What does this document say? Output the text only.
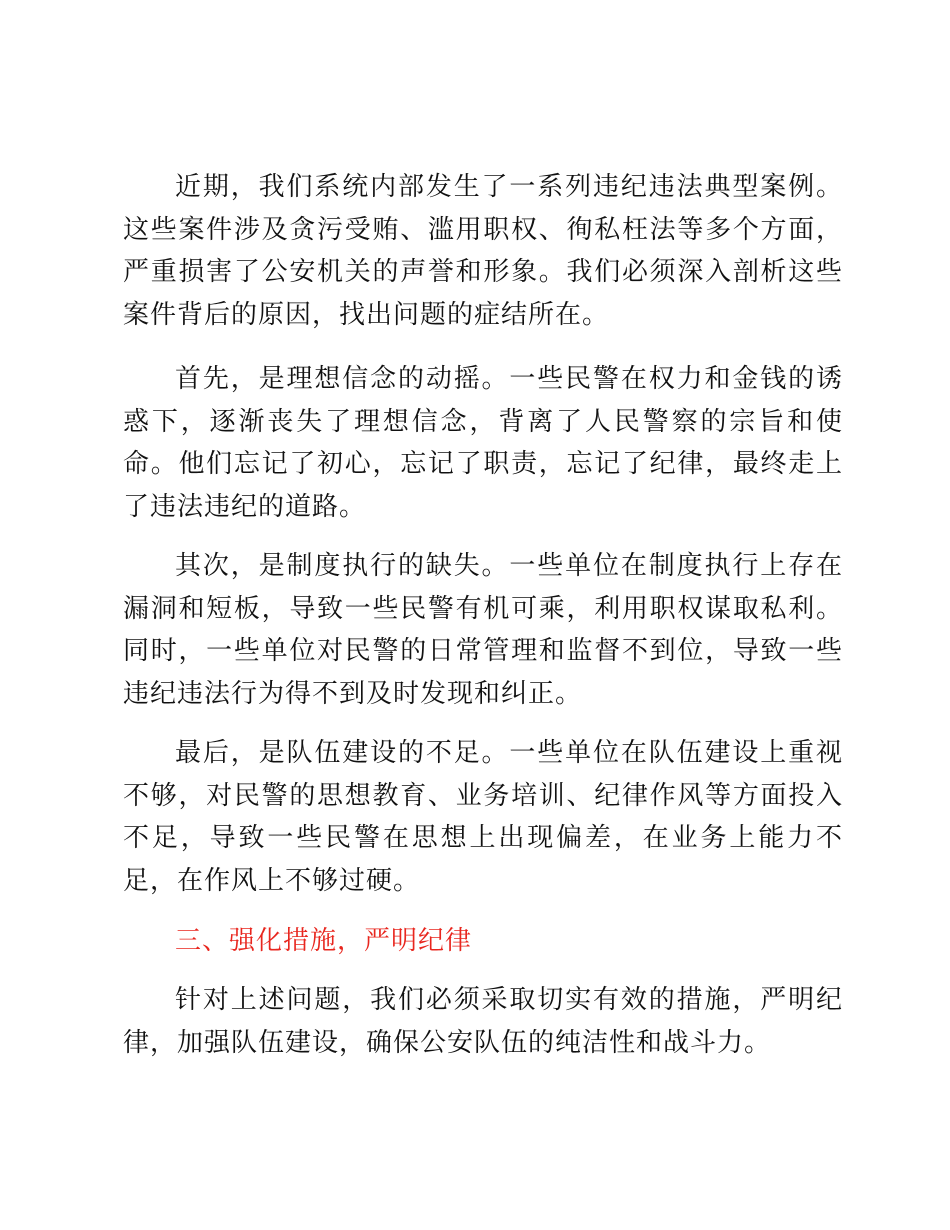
近期，我们系统内部发生了一系列违纪违法典型案例。这些案件涉及贪污受贿、滥用职权、徇私枉法等多个方面，严重损害了公安机关的声誉和形象。我们必须深入剖析这些案件背后的原因，找出问题的症结所在。

首先，是理想信念的动摇。一些民警在权力和金钱的诱惑下，逐渐丧失了理想信念，背离了人民警察的宗旨和使命。他们忘记了初心，忘记了职责，忘记了纪律，最终走上了违法违纪的道路。

其次，是制度执行的缺失。一些单位在制度执行上存在漏洞和短板，导致一些民警有机可乘，利用职权谋取私利。同时，一些单位对民警的日常管理和监督不到位，导致一些违纪违法行为得不到及时发现和纠正。

最后，是队伍建设的不足。一些单位在队伍建设上重视不够，对民警的思想教育、业务培训、纪律作风等方面投入不足，导致一些民警在思想上出现偏差，在业务上能力不足，在作风上不够过硬。

三、强化措施，严明纪律

针对上述问题，我们必须采取切实有效的措施，严明纪律，加强队伍建设，确保公安队伍的纯洁性和战斗力。
